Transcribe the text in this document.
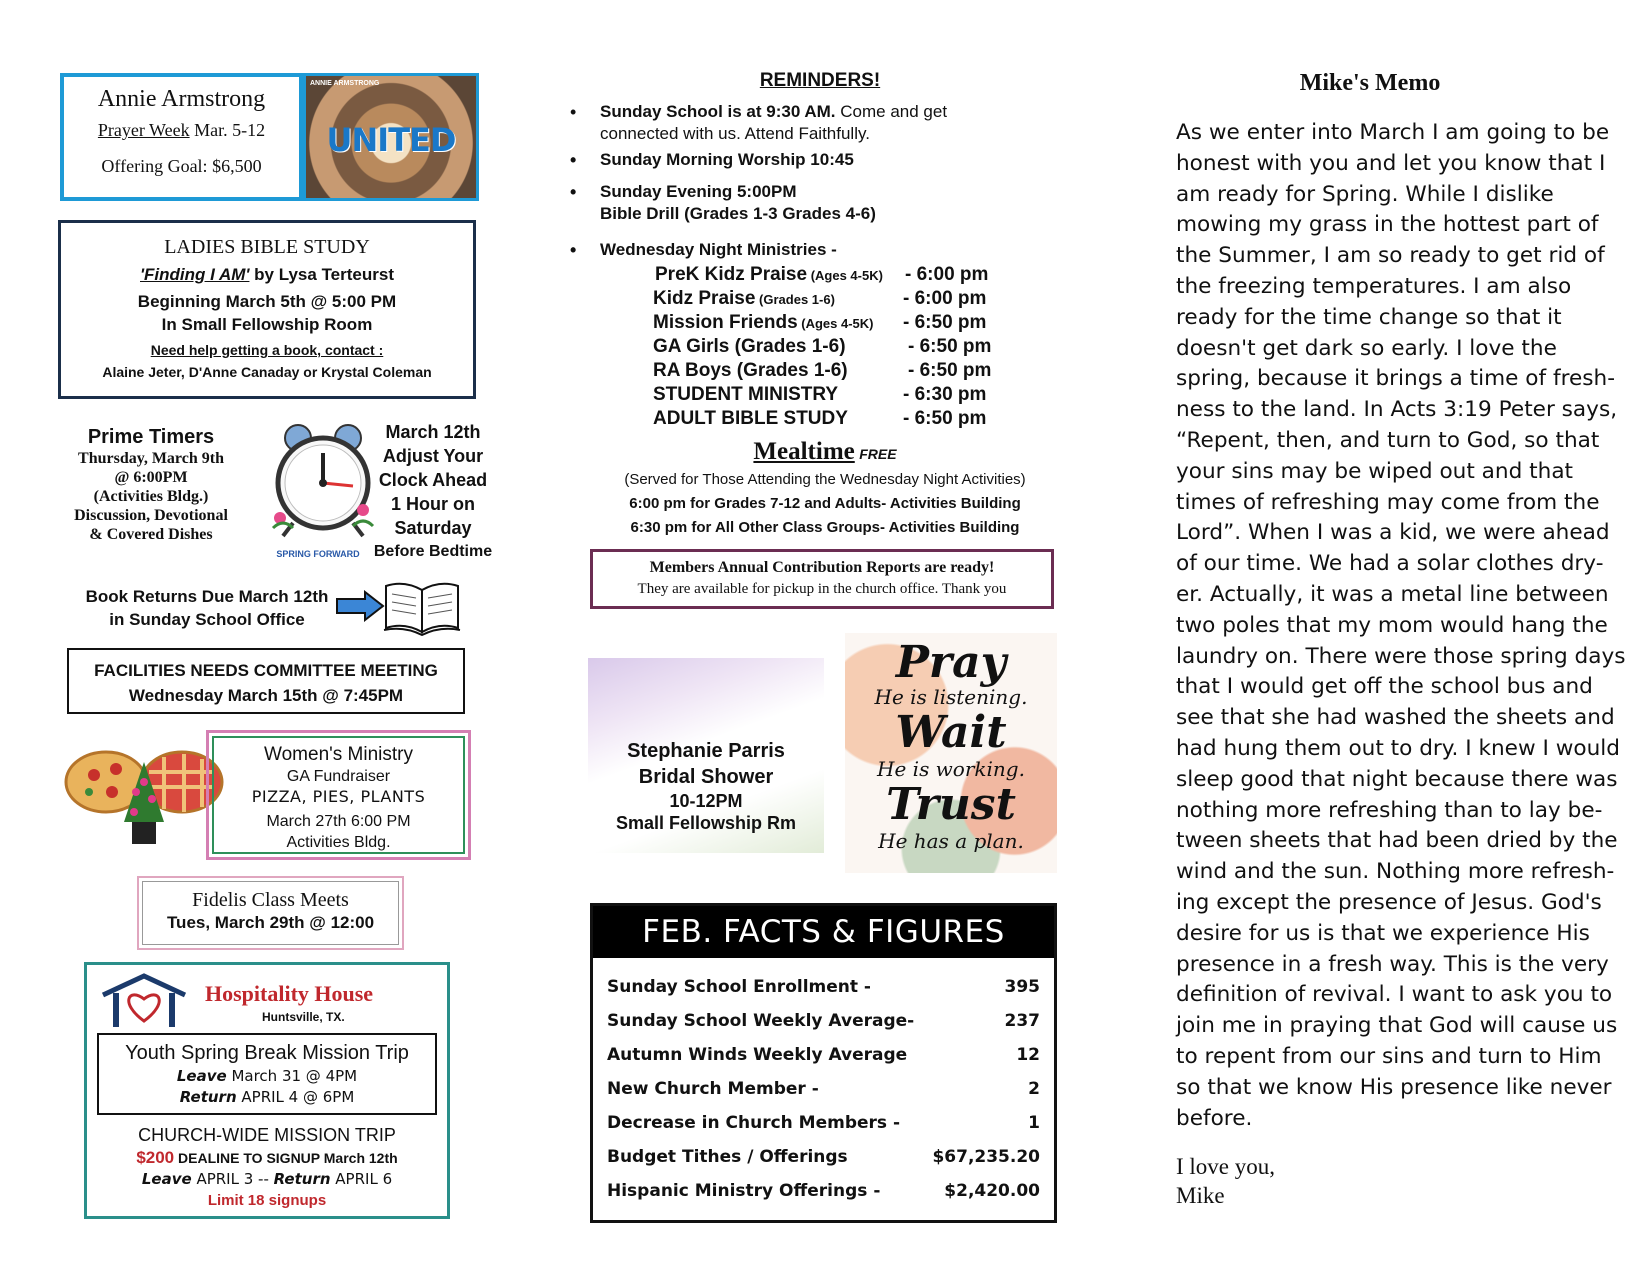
Annie Armstrong
Prayer Week Mar. 5-12
Offering Goal: $6,500
ANNIE ARMSTRONG
UNITED
LADIES BIBLE STUDY
'Finding I AM' by Lysa Terteurst
Beginning March 5th @ 5:00 PM
In Small Fellowship Room
Need help getting a book, contact :
Alaine Jeter, D'Anne Canaday or Krystal Coleman
Prime Timers
Thursday, March 9th
@ 6:00PM
(Activities Bldg.)
Discussion, Devotional
& Covered Dishes
SPRING FORWARD
March 12th
Adjust Your
Clock Ahead
1 Hour on
Saturday
Before Bedtime
Book Returns Due March 12th
in Sunday School Office
FACILITIES NEEDS COMMITTEE MEETING
Wednesday March 15th @ 7:45PM
Women's Ministry
GA Fundraiser
PIZZA, PIES, PLANTS
March 27th 6:00 PM
Activities Bldg.
Fidelis Class Meets
Tues, March 29th @ 12:00
Hospitality House
Huntsville, TX.
Youth Spring Break Mission Trip
Leave March 31 @ 4PM
Return APRIL 4 @ 6PM
CHURCH-WIDE MISSION TRIP
$200 DEALINE TO SIGNUP March 12th
Leave APRIL 3 -- Return APRIL 6
Limit 18 signups
REMINDERS!
• Sunday School is at 9:30 AM. Come and get
connected with us. Attend Faithfully.
• Sunday Morning Worship 10:45
• Sunday Evening 5:00PM
Bible Drill (Grades 1-3 Grades 4-6)
• Wednesday Night Ministries -
PreK Kidz Praise (Ages 4-5K) - 6:00 pm
Kidz Praise (Grades 1-6)	- 6:00 pm
Mission Friends (Ages 4-5K) - 6:50 pm
GA Girls (Grades 1-6)	- 6:50 pm
RA Boys (Grades 1-6)	- 6:50 pm
STUDENT MINISTRY	- 6:30 pm
ADULT BIBLE STUDY	- 6:50 pm
Mealtime FREE
(Served for Those Attending the Wednesday Night Activities)
6:00 pm for Grades 7-12 and Adults- Activities Building
6:30 pm for All Other Class Groups- Activities Building
Members Annual Contribution Reports are ready!
They are available for pickup in the church office. Thank you
Stephanie Parris
Bridal Shower
10-12PM
Small Fellowship Rm
Pray
He is listening.
Wait
He is working.
Trust
He has a plan.
FEB. FACTS & FIGURES
Sunday School Enrollment -	395
Sunday School Weekly Average-	237
Autumn Winds Weekly Average	12
New Church Member -	2
Decrease in Church Members -	1
Budget Tithes / Offerings	$67,235.20
Hispanic Ministry Offerings -	$2,420.00
Mike's Memo
As we enter into March I am going to be
honest with you and let you know that I
am ready for Spring. While I dislike
mowing my grass in the hottest part of
the Summer, I am so ready to get rid of
the freezing temperatures. I am also
ready for the time change so that it
doesn't get dark so early. I love the
spring, because it brings a time of fresh-
ness to the land. In Acts 3:19 Peter says,
“Repent, then, and turn to God, so that
your sins may be wiped out and that
times of refreshing may come from the
Lord”. When I was a kid, we were ahead
of our time. We had a solar clothes dry-
er. Actually, it was a metal line between
two poles that my mom would hang the
laundry on. There were those spring days
that I would get off the school bus and
see that she had washed the sheets and
had hung them out to dry. I knew I would
sleep good that night because there was
nothing more refreshing than to lay be-
tween sheets that had been dried by the
wind and the sun. Nothing more refresh-
ing except the presence of Jesus. God's
desire for us is that we experience His
presence in a fresh way. This is the very
definition of revival. I want to ask you to
join me in praying that God will cause us
to repent from our sins and turn to Him
so that we know His presence like never
before.
I love you,
Mike
